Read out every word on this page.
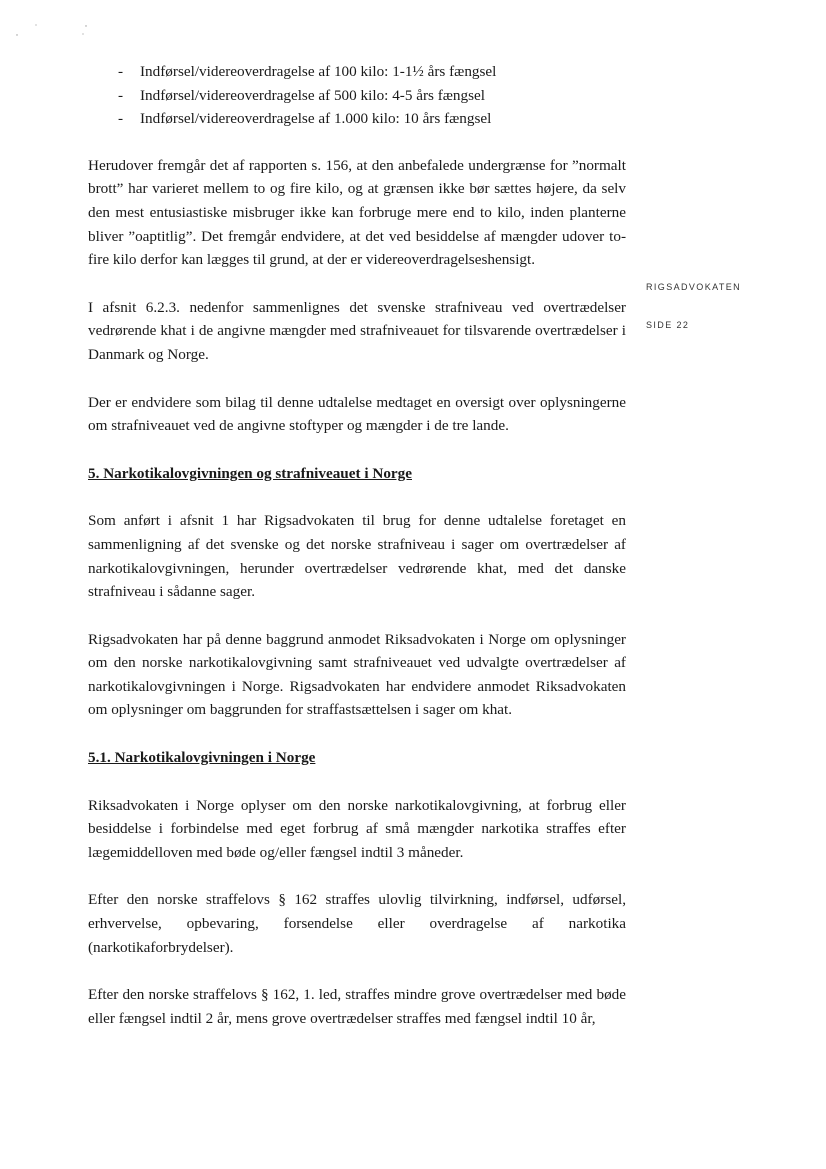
RIGSADVOKATEN
SIDE 22
- Indførsel/videreoverdragelse af 100 kilo: 1-1½ års fængsel
- Indførsel/videreoverdragelse af 500 kilo: 4-5 års fængsel
- Indførsel/videreoverdragelse af 1.000 kilo: 10 års fængsel

Herudover fremgår det af rapporten s. 156, at den anbefalede undergrænse for ”normalt brott” har varieret mellem to og fire kilo, og at grænsen ikke bør sættes højere, da selv den mest entusiastiske misbruger ikke kan forbruge mere end to kilo, inden planterne bliver ”oaptitlig”. Det fremgår endvidere, at det ved besiddelse af mængder udover to-fire kilo derfor kan lægges til grund, at der er videreoverdragelseshensigt.

I afsnit 6.2.3. nedenfor sammenlignes det svenske strafniveau ved overtrædelser vedrørende khat i de angivne mængder med strafniveauet for tilsvarende overtrædelser i Danmark og Norge.

Der er endvidere som bilag til denne udtalelse medtaget en oversigt over oplysningerne om strafniveauet ved de angivne stoftyper og mængder i de tre lande.

5. Narkotikalovgivningen og strafniveauet i Norge

Som anført i afsnit 1 har Rigsadvokaten til brug for denne udtalelse foretaget en sammenligning af det svenske og det norske strafniveau i sager om overtrædelser af narkotikalovgivningen, herunder overtrædelser vedrørende khat, med det danske strafniveau i sådanne sager.

Rigsadvokaten har på denne baggrund anmodet Riksadvokaten i Norge om oplysninger om den norske narkotikalovgivning samt strafniveauet ved udvalgte overtrædelser af narkotikalovgivningen i Norge. Rigsadvokaten har endvidere anmodet Riksadvokaten om oplysninger om baggrunden for straffastsættelsen i sager om khat.

5.1. Narkotikalovgivningen i Norge

Riksadvokaten i Norge oplyser om den norske narkotikalovgivning, at forbrug eller besiddelse i forbindelse med eget forbrug af små mængder narkotika straffes efter lægemiddelloven med bøde og/eller fængsel indtil 3 måneder.

Efter den norske straffelovs § 162 straffes ulovlig tilvirkning, indførsel, udførsel, erhvervelse, opbevaring, forsendelse eller overdragelse af narkotika (narkotikaforbrydelser).

Efter den norske straffelovs § 162, 1. led, straffes mindre grove overtrædelser med bøde eller fængsel indtil 2 år, mens grove overtrædelser straffes med fængsel indtil 10 år,
